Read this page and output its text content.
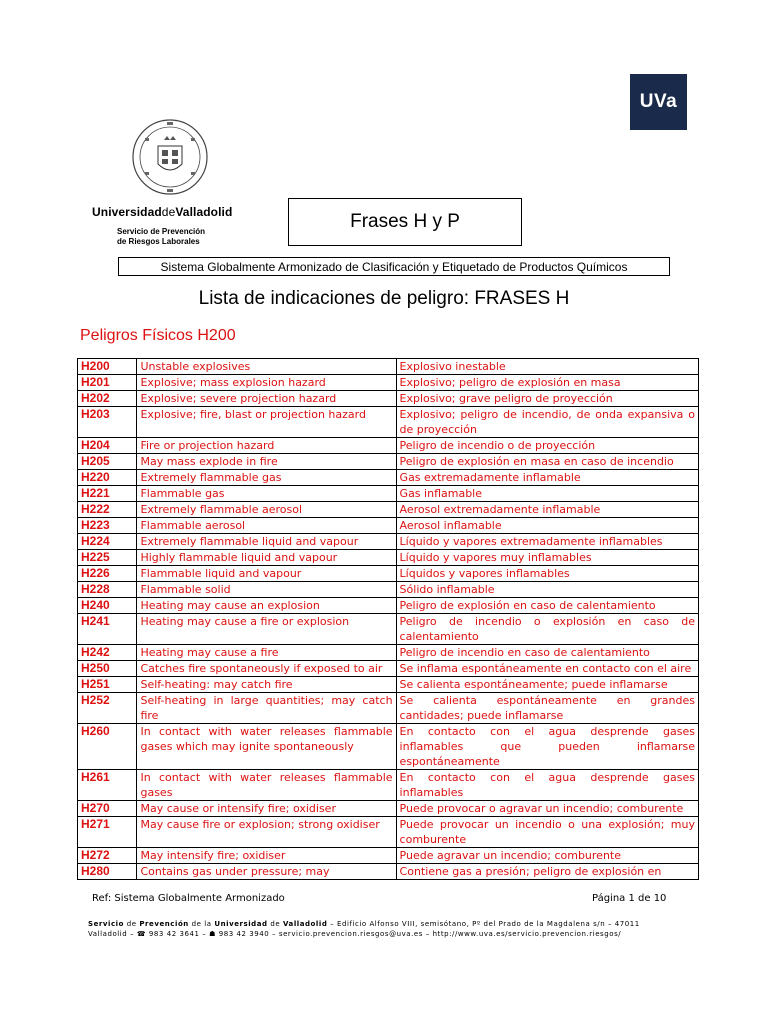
UVa
UniversidaddeValladolid
Servicio de Prevención
de Riesgos Laborales
Frases H y P
Sistema Globalmente Armonizado de Clasificación y Etiquetado de Productos Químicos
Lista de indicaciones de peligro: FRASES H
Peligros Físicos H200
H200	Unstable explosives	Explosivo inestable
H201	Explosive; mass explosion hazard	Explosivo; peligro de explosión en masa
H202	Explosive; severe projection hazard	Explosivo; grave peligro de proyección
H203	Explosive; fire, blast or projection hazard	Explosivo; peligro de incendio, de onda expansiva o de proyección
H204	Fire or projection hazard	Peligro de incendio o de proyección
H205	May mass explode in fire	Peligro de explosión en masa en caso de incendio
H220	Extremely flammable gas	Gas extremadamente inflamable
H221	Flammable gas	Gas inflamable
H222	Extremely flammable aerosol	Aerosol extremadamente inflamable
H223	Flammable aerosol	Aerosol inflamable
H224	Extremely flammable liquid and vapour	Líquido y vapores extremadamente inflamables
H225	Highly flammable liquid and vapour	Líquido y vapores muy inflamables
H226	Flammable liquid and vapour	Líquidos y vapores inflamables
H228	Flammable solid	Sólido inflamable
H240	Heating may cause an explosion	Peligro de explosión en caso de calentamiento
H241	Heating may cause a fire or explosion	Peligro de incendio o explosión en caso de calentamiento
H242	Heating may cause a fire	Peligro de incendio en caso de calentamiento
H250	Catches fire spontaneously if exposed to air	Se inflama espontáneamente en contacto con el aire
H251	Self-heating: may catch fire	Se calienta espontáneamente; puede inflamarse
H252	Self-heating in large quantities; may catch fire	Se calienta espontáneamente en grandes cantidades; puede inflamarse
H260	In contact with water releases flammable gases which may ignite spontaneously	En contacto con el agua desprende gases inflamables que pueden inflamarse espontáneamente
H261	In contact with water releases flammable gases	En contacto con el agua desprende gases inflamables
H270	May cause or intensify fire; oxidiser	Puede provocar o agravar un incendio; comburente
H271	May cause fire or explosion; strong oxidiser	Puede provocar un incendio o una explosión; muy comburente
H272	May intensify fire; oxidiser	Puede agravar un incendio; comburente
H280	Contains gas under pressure; may	Contiene gas a presión; peligro de explosión en
Ref: Sistema Globalmente Armonizado	Página 1 de 10
Servicio de Prevención de la Universidad de Valladolid – Edificio Alfonso VIII, semisótano, Pº del Prado de la Magdalena s/n – 47011
Valladolid – ☎ 983 42 3641 – ☗ 983 42 3940 – servicio.prevencion.riesgos@uva.es – http://www.uva.es/servicio.prevencion.riesgos/
